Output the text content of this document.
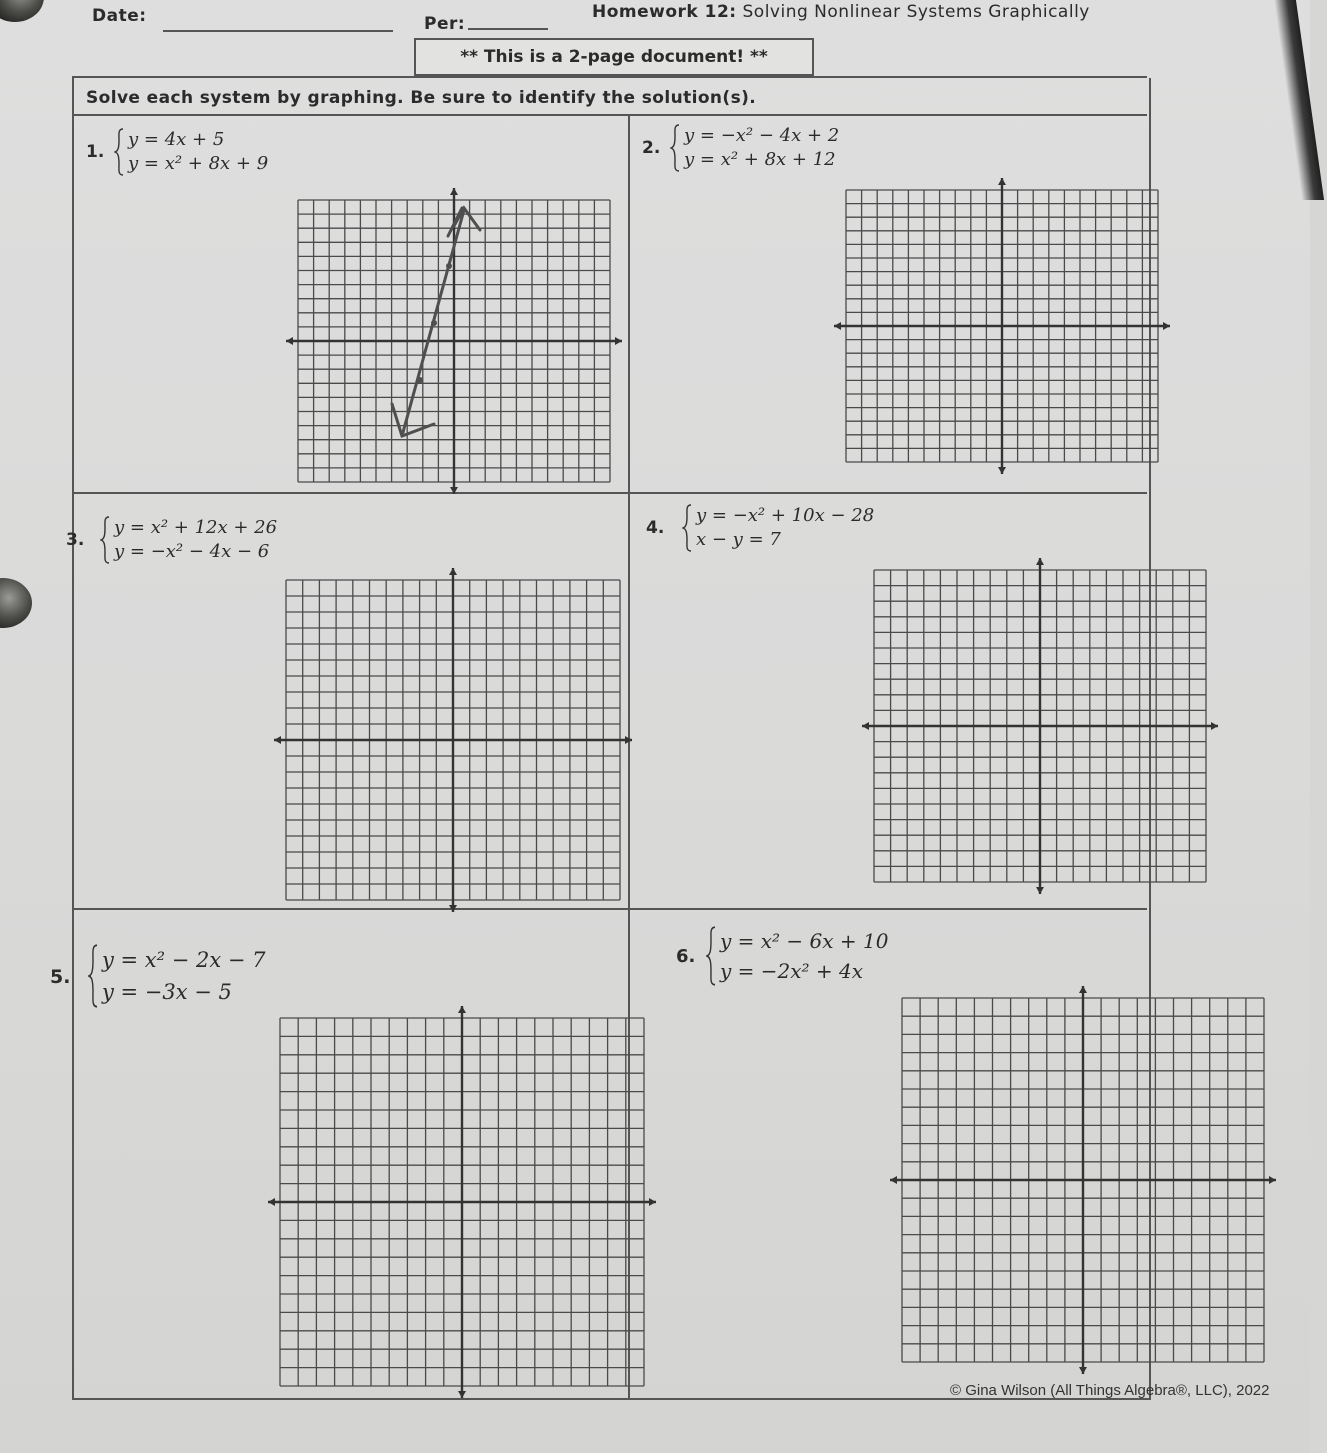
Date:	Per:
Homework 12: Solving Nonlinear Systems Graphically
** This is a 2-page document! **
Solve each system by graphing. Be sure to identify the solution(s).
1.
y = 4x + 5
y = x² + 8x + 9
2.
y = −x² − 4x + 2
y = x² + 8x + 12
3.
y = x² + 12x + 26
y = −x² − 4x − 6
4.
y = −x² + 10x − 28
x − y = 7
5.
y = x² − 2x − 7
y = −3x − 5
6.
y = x² − 6x + 10
y = −2x² + 4x
© Gina Wilson (All Things Algebra®, LLC), 2022
